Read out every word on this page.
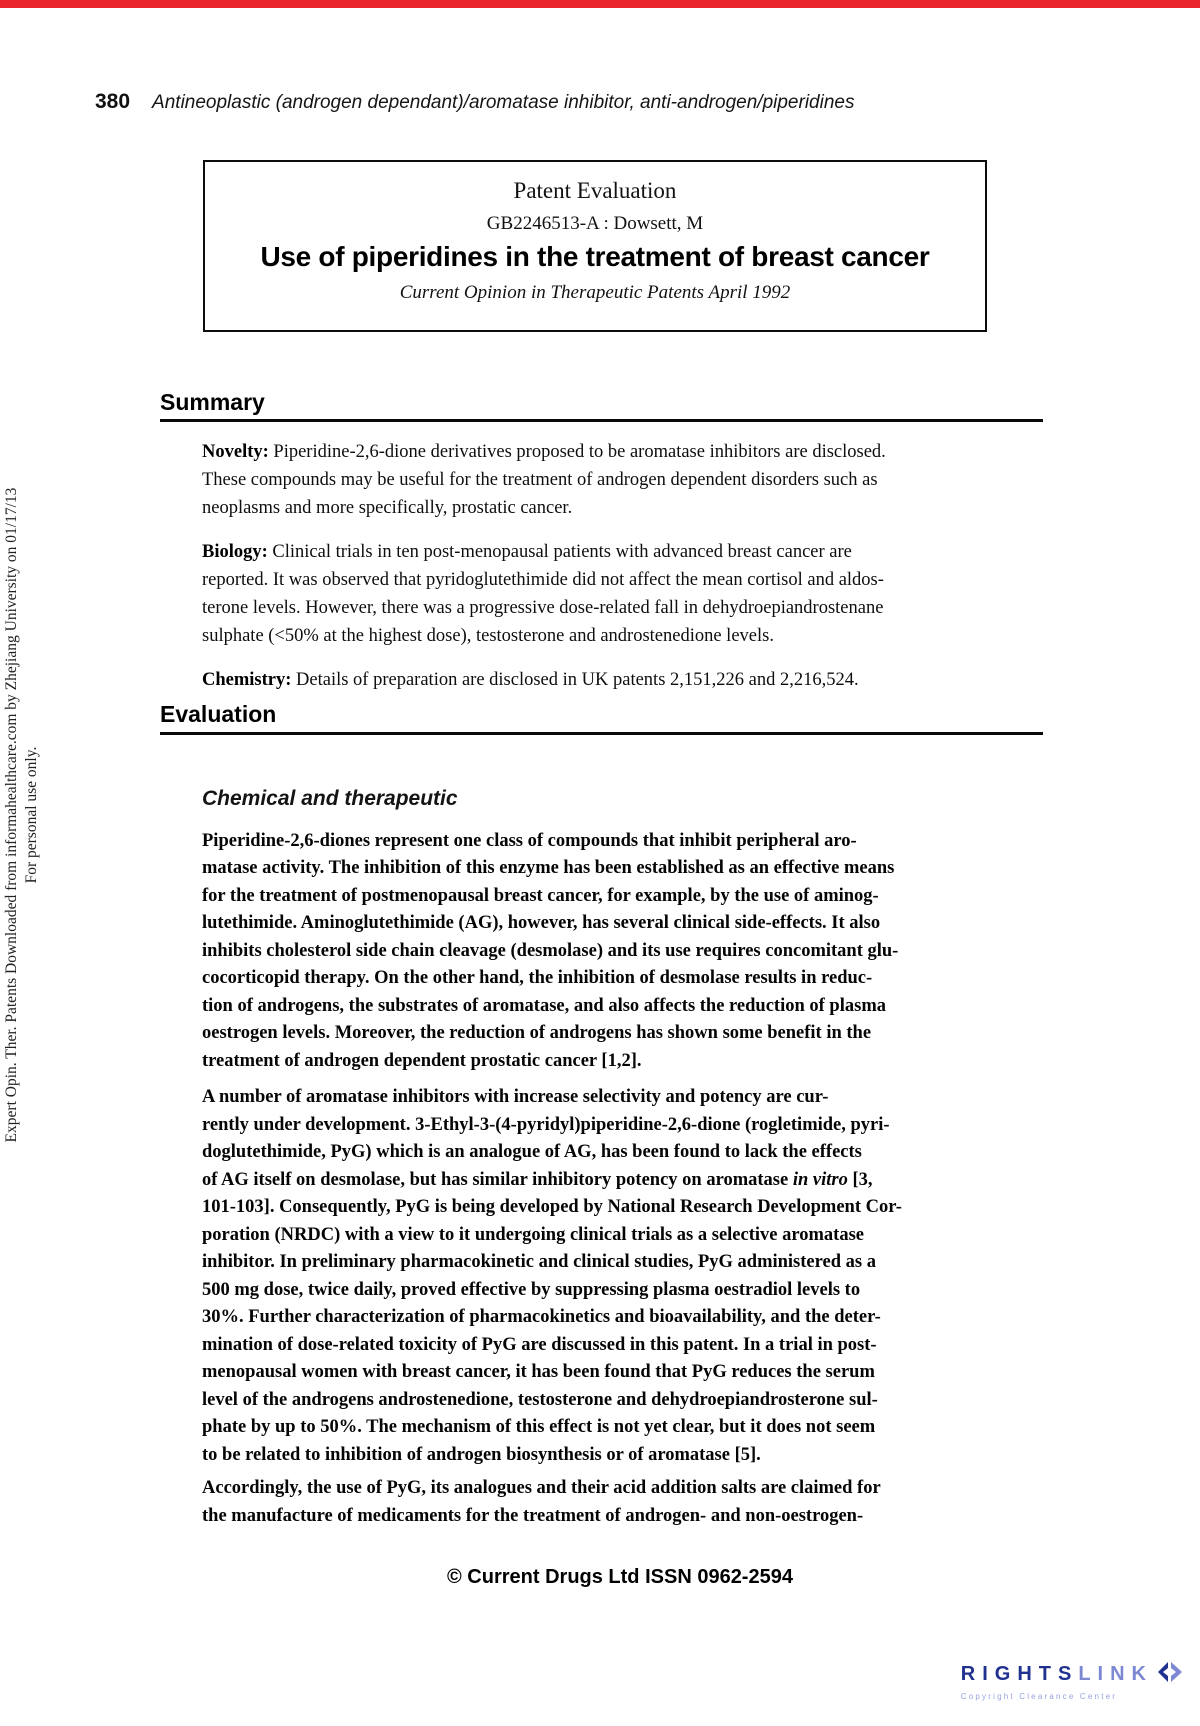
380 Antineoplastic (androgen dependant)/aromatase inhibitor, anti-androgen/piperidines
Expert Opin. Ther. Patents Downloaded from informahealthcare.com by Zhejiang University on 01/17/13 For personal use only.
Patent Evaluation
GB2246513-A : Dowsett, M
Use of piperidines in the treatment of breast cancer
Current Opinion in Therapeutic Patents April 1992
Summary

Novelty: Piperidine-2,6-dione derivatives proposed to be aromatase inhibitors are disclosed.
These compounds may be useful for the treatment of androgen dependent disorders such as
neoplasms and more specifically, prostatic cancer.

Biology: Clinical trials in ten post-menopausal patients with advanced breast cancer are
reported. It was observed that pyridoglutethimide did not affect the mean cortisol and aldos-
terone levels. However, there was a progressive dose-related fall in dehydroepiandrostenane
sulphate (<50% at the highest dose), testosterone and androstenedione levels.

Chemistry: Details of preparation are disclosed in UK patents 2,151,226 and 2,216,524.

Evaluation
Chemical and therapeutic

Piperidine-2,6-diones represent one class of compounds that inhibit peripheral aro-
matase activity. The inhibition of this enzyme has been established as an effective means
for the treatment of postmenopausal breast cancer, for example, by the use of aminog-
lutethimide. Aminoglutethimide (AG), however, has several clinical side-effects. It also
inhibits cholesterol side chain cleavage (desmolase) and its use requires concomitant glu-
cocorticopid therapy. On the other hand, the inhibition of desmolase results in reduc-
tion of androgens, the substrates of aromatase, and also affects the reduction of plasma
oestrogen levels. Moreover, the reduction of androgens has shown some benefit in the
treatment of androgen dependent prostatic cancer [1,2].

A number of aromatase inhibitors with increase selectivity and potency are cur-
rently under development. 3-Ethyl-3-(4-pyridyl)piperidine-2,6-dione (rogletimide, pyri-
doglutethimide, PyG) which is an analogue of AG, has been found to lack the effects
of AG itself on desmolase, but has similar inhibitory potency on aromatase in vitro [3,
101-103]. Consequently, PyG is being developed by National Research Development Cor-
poration (NRDC) with a view to it undergoing clinical trials as a selective aromatase
inhibitor. In preliminary pharmacokinetic and clinical studies, PyG administered as a
500 mg dose, twice daily, proved effective by suppressing plasma oestradiol levels to
30%. Further characterization of pharmacokinetics and bioavailability, and the deter-
mination of dose-related toxicity of PyG are discussed in this patent. In a trial in post-
menopausal women with breast cancer, it has been found that PyG reduces the serum
level of the androgens androstenedione, testosterone and dehydroepiandrosterone sul-
phate by up to 50%. The mechanism of this effect is not yet clear, but it does not seem
to be related to inhibition of androgen biosynthesis or of aromatase [5].

Accordingly, the use of PyG, its analogues and their acid addition salts are claimed for
the manufacture of medicaments for the treatment of androgen- and non-oestrogen-

© Current Drugs Ltd ISSN 0962-2594
RIGHTS LINK
Copyright Clearance Center
